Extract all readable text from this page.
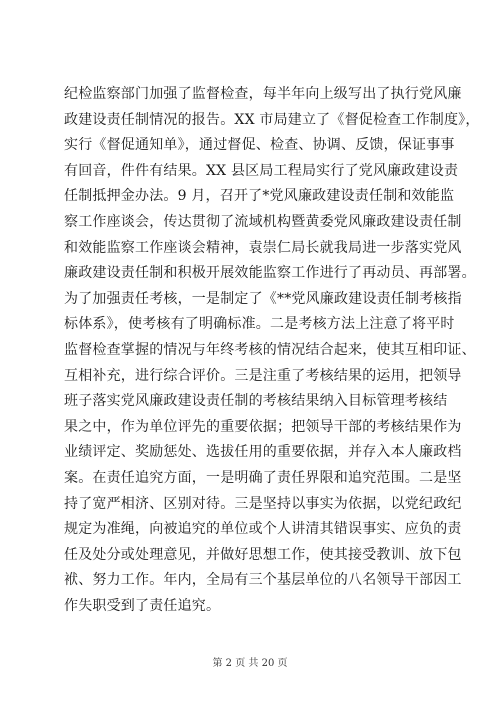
纪检监察部门加强了监督检查，每半年向上级写出了执行党风廉
政建设责任制情况的报告。XX 市局建立了《督促检查工作制度》，
实行《督促通知单》，通过督促、检查、协调、反馈，保证事事
有回音，件件有结果。XX 县区局工程局实行了党风廉政建设责
任制抵押金办法。9 月，召开了*党风廉政建设责任制和效能监
察工作座谈会，传达贯彻了流域机构暨黄委党风廉政建设责任制
和效能监察工作座谈会精神，袁崇仁局长就我局进一步落实党风
廉政建设责任制和积极开展效能监察工作进行了再动员、再部署。
为了加强责任考核，一是制定了《**党风廉政建设责任制考核指
标体系》，使考核有了明确标准。二是考核方法上注意了将平时
监督检查掌握的情况与年终考核的情况结合起来，使其互相印证、
互相补充，进行综合评价。三是注重了考核结果的运用，把领导
班子落实党风廉政建设责任制的考核结果纳入目标管理考核结
果之中，作为单位评先的重要依据；把领导干部的考核结果作为
业绩评定、奖励惩处、选拔任用的重要依据，并存入本人廉政档
案。在责任追究方面，一是明确了责任界限和追究范围。二是坚
持了宽严相济、区别对待。三是坚持以事实为依据，以党纪政纪
规定为准绳，向被追究的单位或个人讲清其错误事实、应负的责
任及处分或处理意见，并做好思想工作，使其接受教训、放下包
袱、努力工作。年内，全局有三个基层单位的八名领导干部因工
作失职受到了责任追究。
第 2 页 共 20 页
